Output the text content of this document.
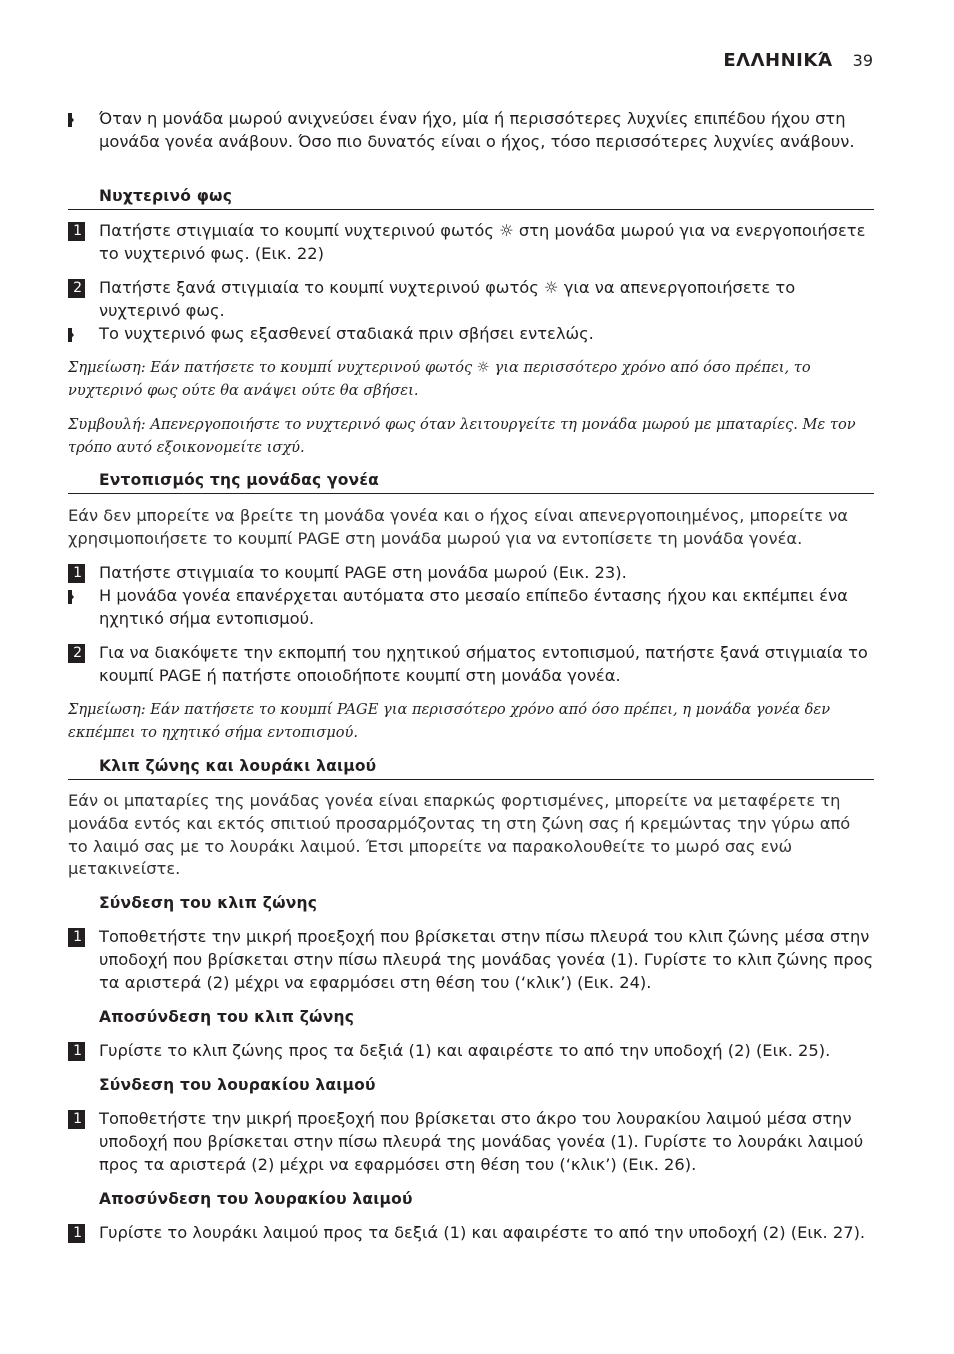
ΕΛΛΗΝΙΚΆ 39
Όταν η μονάδα μωρού ανιχνεύσει έναν ήχο, μία ή περισσότερες λυχνίες επιπέδου ήχου στη μονάδα γονέα ανάβουν. Όσο πιο δυνατός είναι ο ήχος, τόσο περισσότερες λυχνίες ανάβουν.
Νυχτερινό φως
1 Πατήστε στιγμιαία το κουμπί νυχτερινού φωτός ☼ στη μονάδα μωρού για να ενεργοποιήσετε το νυχτερινό φως. (Εικ. 22)
2 Πατήστε ξανά στιγμιαία το κουμπί νυχτερινού φωτός ☼ για να απενεργοποιήσετε το νυχτερινό φως.
Το νυχτερινό φως εξασθενεί σταδιακά πριν σβήσει εντελώς.
Σημείωση: Εάν πατήσετε το κουμπί νυχτερινού φωτός ☼ για περισσότερο χρόνο από όσο πρέπει, το νυχτερινό φως ούτε θα ανάψει ούτε θα σβήσει.
Συμβουλή: Απενεργοποιήστε το νυχτερινό φως όταν λειτουργείτε τη μονάδα μωρού με μπαταρίες. Με τον τρόπο αυτό εξοικονομείτε ισχύ.
Εντοπισμός της μονάδας γονέα
Εάν δεν μπορείτε να βρείτε τη μονάδα γονέα και ο ήχος είναι απενεργοποιημένος, μπορείτε να χρησιμοποιήσετε το κουμπί PAGE στη μονάδα μωρού για να εντοπίσετε τη μονάδα γονέα.
1 Πατήστε στιγμιαία το κουμπί PAGE στη μονάδα μωρού (Εικ. 23).
Η μονάδα γονέα επανέρχεται αυτόματα στο μεσαίο επίπεδο έντασης ήχου και εκπέμπει ένα ηχητικό σήμα εντοπισμού.
2 Για να διακόψετε την εκπομπή του ηχητικού σήματος εντοπισμού, πατήστε ξανά στιγμιαία το κουμπί PAGE ή πατήστε οποιοδήποτε κουμπί στη μονάδα γονέα.
Σημείωση: Εάν πατήσετε το κουμπί PAGE για περισσότερο χρόνο από όσο πρέπει, η μονάδα γονέα δεν εκπέμπει το ηχητικό σήμα εντοπισμού.
Κλιπ ζώνης και λουράκι λαιμού
Εάν οι μπαταρίες της μονάδας γονέα είναι επαρκώς φορτισμένες, μπορείτε να μεταφέρετε τη μονάδα εντός και εκτός σπιτιού προσαρμόζοντας τη στη ζώνη σας ή κρεμώντας την γύρω από το λαιμό σας με το λουράκι λαιμού. Έτσι μπορείτε να παρακολουθείτε το μωρό σας ενώ μετακινείστε.
Σύνδεση του κλιπ ζώνης
1 Τοποθετήστε την μικρή προεξοχή που βρίσκεται στην πίσω πλευρά του κλιπ ζώνης μέσα στην υποδοχή που βρίσκεται στην πίσω πλευρά της μονάδας γονέα (1). Γυρίστε το κλιπ ζώνης προς τα αριστερά (2) μέχρι να εφαρμόσει στη θέση του (‘κλικ’) (Εικ. 24).
Αποσύνδεση του κλιπ ζώνης
1 Γυρίστε το κλιπ ζώνης προς τα δεξιά (1) και αφαιρέστε το από την υποδοχή (2) (Εικ. 25).
Σύνδεση του λουρακίου λαιμού
1 Τοποθετήστε την μικρή προεξοχή που βρίσκεται στο άκρο του λουρακίου λαιμού μέσα στην υποδοχή που βρίσκεται στην πίσω πλευρά της μονάδας γονέα (1). Γυρίστε το λουράκι λαιμού προς τα αριστερά (2) μέχρι να εφαρμόσει στη θέση του (‘κλικ’) (Εικ. 26).
Αποσύνδεση του λουρακίου λαιμού
1 Γυρίστε το λουράκι λαιμού προς τα δεξιά (1) και αφαιρέστε το από την υποδοχή (2) (Εικ. 27).
